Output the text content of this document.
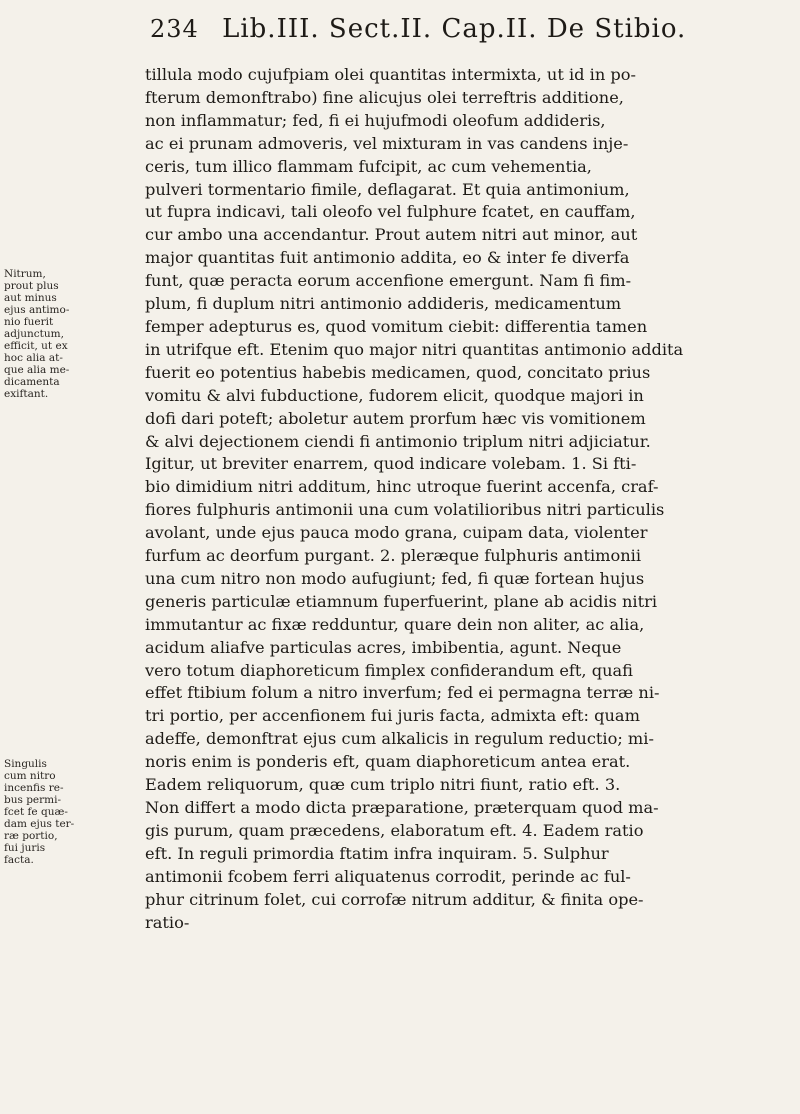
234 Lib.III. Sect.II. Cap.II. De Stibio.
Nitrum,
prout plus
aut minus
ejus antimo-
nio fuerit
adjunctum,
efficit, ut ex
hoc alia at-
que alia me-
dicamenta
exiftant.
Singulis
cum nitro
incenfis re-
bus permi-
fcet fe quæ-
dam ejus ter-
ræ portio,
fui juris
facta.
tillula modo cujufpiam olei quantitas intermixta, ut id in po-
fterum demonftrabo) fine alicujus olei terreftris additione,
non inflammatur; fed, fi ei hujufmodi oleofum addideris,
ac ei prunam admoveris, vel mixturam in vas candens inje-
ceris, tum illico flammam fufcipit, ac cum vehementia,
pulveri tormentario fimile, deflagarat. Et quia antimonium,
ut fupra indicavi, tali oleofo vel fulphure fcatet, en cauffam,
cur ambo una accendantur. Prout autem nitri aut minor, aut
major quantitas fuit antimonio addita, eo & inter fe diverfa
funt, quæ peracta eorum accenfione emergunt. Nam fi fim-
plum, fi duplum nitri antimonio addideris, medicamentum
femper adepturus es, quod vomitum ciebit: differentia tamen
in utrifque eft. Etenim quo major nitri quantitas antimonio addita
fuerit eo potentius habebis medicamen, quod, concitato prius
vomitu & alvi fubductione, fudorem elicit, quodque majori in
dofi dari poteft; aboletur autem prorfum hæc vis vomitionem
& alvi dejectionem ciendi fi antimonio triplum nitri adjiciatur.
Igitur, ut breviter enarrem, quod indicare volebam. 1. Si fti-
bio dimidium nitri additum, hinc utroque fuerint accenfa, craf-
fiores fulphuris antimonii una cum volatilioribus nitri particulis
avolant, unde ejus pauca modo grana, cuipam data, violenter
furfum ac deorfum purgant. 2. pleræque fulphuris antimonii
una cum nitro non modo aufugiunt; fed, fi quæ fortean hujus
generis particulæ etiamnum fuperfuerint, plane ab acidis nitri
immutantur ac fixæ redduntur, quare dein non aliter, ac alia,
acidum aliafve particulas acres, imbibentia, agunt. Neque
vero totum diaphoreticum fimplex confiderandum eft, quafi
effet ftibium folum a nitro inverfum; fed ei permagna terræ ni-
tri portio, per accenfionem fui juris facta, admixta eft: quam
adeffe, demonftrat ejus cum alkalicis in regulum reductio; mi-
noris enim is ponderis eft, quam diaphoreticum antea erat.
Eadem reliquorum, quæ cum triplo nitri fiunt, ratio eft. 3.
Non differt a modo dicta præparatione, præterquam quod ma-
gis purum, quam præcedens, elaboratum eft. 4. Eadem ratio
eft. In reguli primordia ftatim infra inquiram. 5. Sulphur
antimonii fcobem ferri aliquatenus corrodit, perinde ac ful-
phur citrinum folet, cui corrofæ nitrum additur, & finita ope-
ratio-
